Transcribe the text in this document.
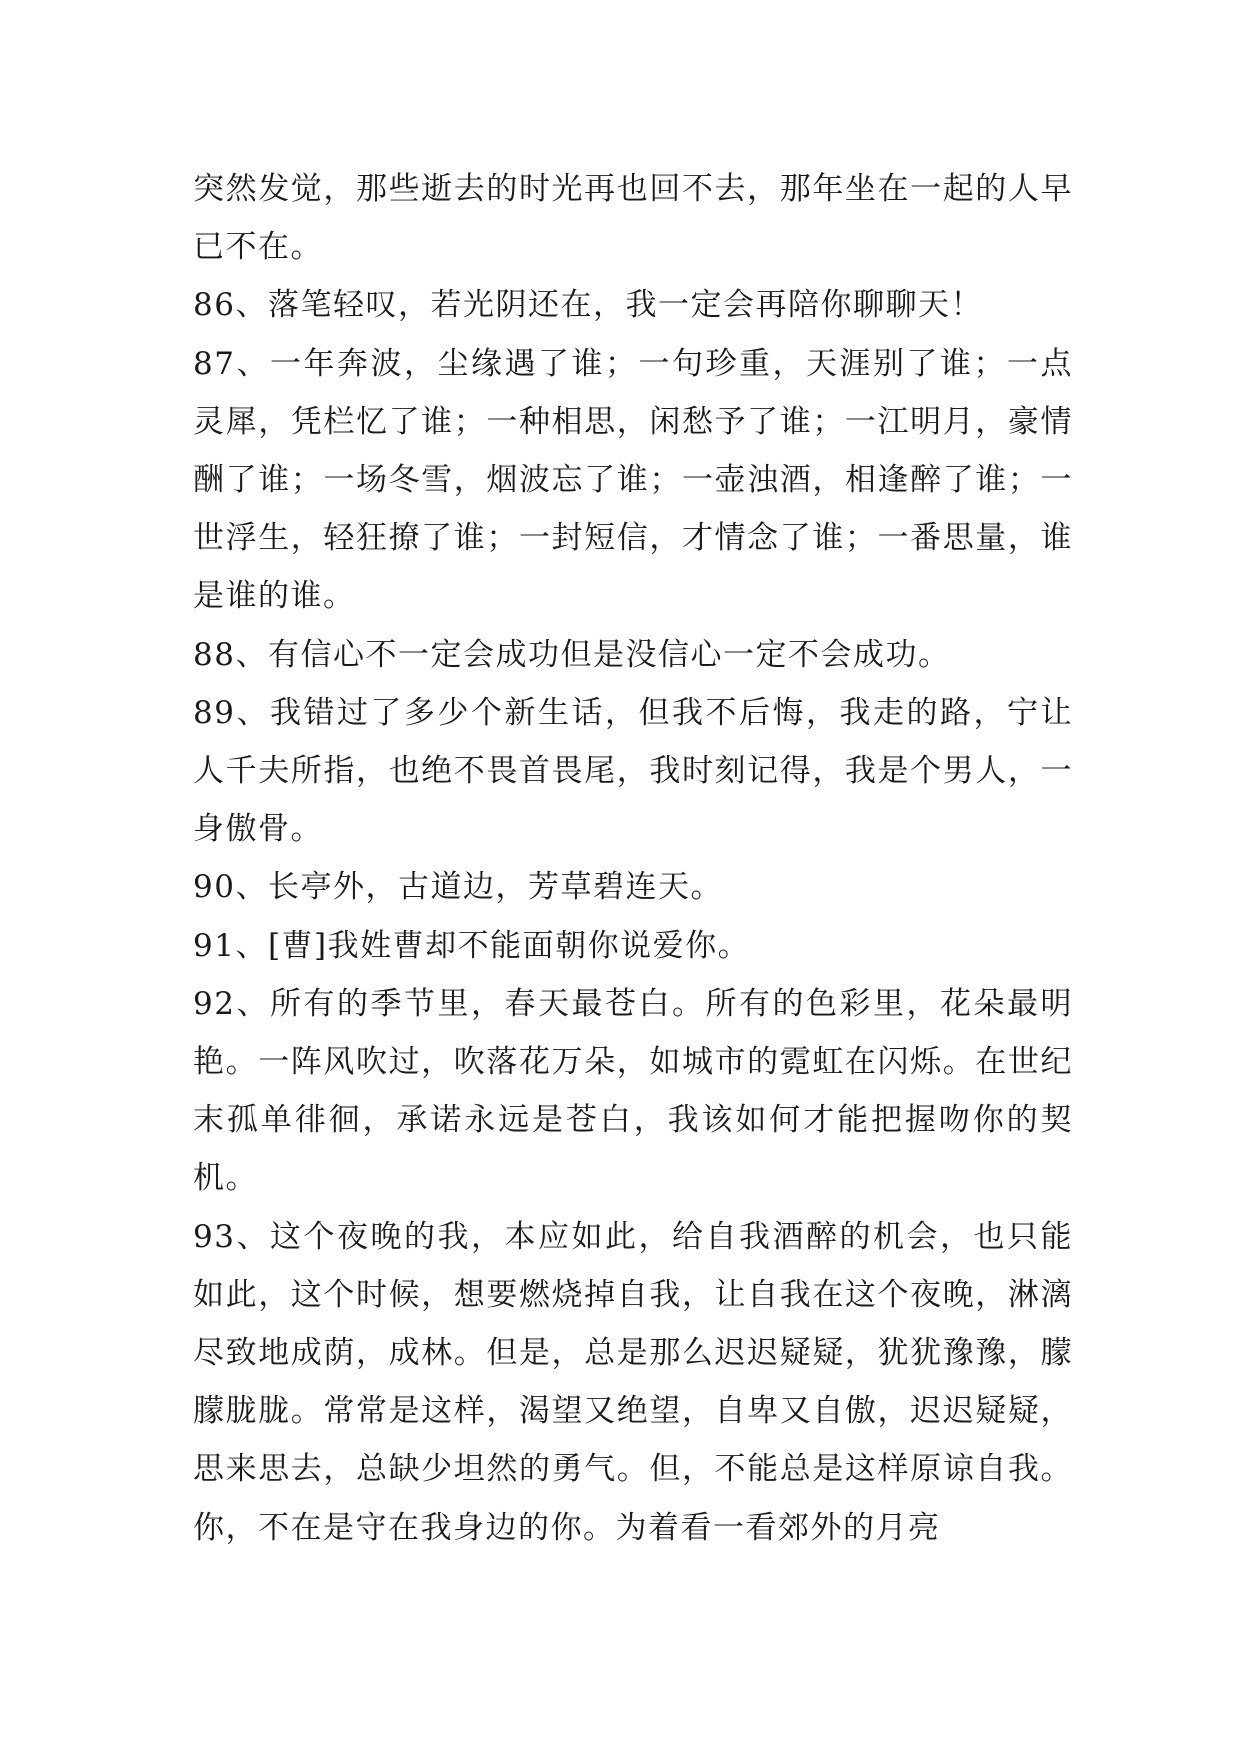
突然发觉，那些逝去的时光再也回不去，那年坐在一起的人早已不在。

86、落笔轻叹，若光阴还在，我一定会再陪你聊聊天！

87、一年奔波，尘缘遇了谁；一句珍重，天涯别了谁；一点灵犀，凭栏忆了谁；一种相思，闲愁予了谁；一江明月，豪情酬了谁；一场冬雪，烟波忘了谁；一壶浊酒，相逢醉了谁；一世浮生，轻狂撩了谁；一封短信，才情念了谁；一番思量，谁是谁的谁。

88、有信心不一定会成功但是没信心一定不会成功。

89、我错过了多少个新生话，但我不后悔，我走的路，宁让人千夫所指，也绝不畏首畏尾，我时刻记得，我是个男人，一身傲骨。

90、长亭外，古道边，芳草碧连天。

91、[曹]我姓曹却不能面朝你说爱你。

92、所有的季节里，春天最苍白。所有的色彩里，花朵最明艳。一阵风吹过，吹落花万朵，如城市的霓虹在闪烁。在世纪末孤单徘徊，承诺永远是苍白，我该如何才能把握吻你的契机。

93、这个夜晚的我，本应如此，给自我酒醉的机会，也只能如此，这个时候，想要燃烧掉自我，让自我在这个夜晚，淋漓尽致地成荫，成林。但是，总是那么迟迟疑疑，犹犹豫豫，朦朦胧胧。常常是这样，渴望又绝望，自卑又自傲，迟迟疑疑，思来思去，总缺少坦然的勇气。但，不能总是这样原谅自我。你，不在是守在我身边的你。为着看一看郊外的月亮
